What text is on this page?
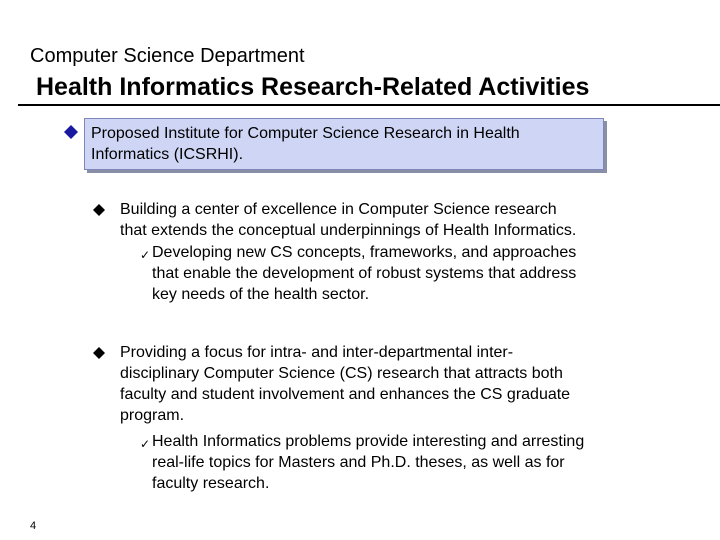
Computer Science Department
Health Informatics Research-Related Activities
Proposed Institute for Computer Science Research in Health
Informatics (ICSRHI).
Building a center of excellence in Computer Science research
that extends the conceptual underpinnings of Health Informatics.
✓ Developing new CS concepts, frameworks, and approaches
that enable the development of robust systems that address
key needs of the health sector.
Providing a focus for intra- and inter-departmental inter-
disciplinary Computer Science (CS) research that attracts both
faculty and student involvement and enhances the CS graduate
program.
✓ Health Informatics problems provide interesting and arresting
real-life topics for Masters and Ph.D. theses, as well as for
faculty research.
4
